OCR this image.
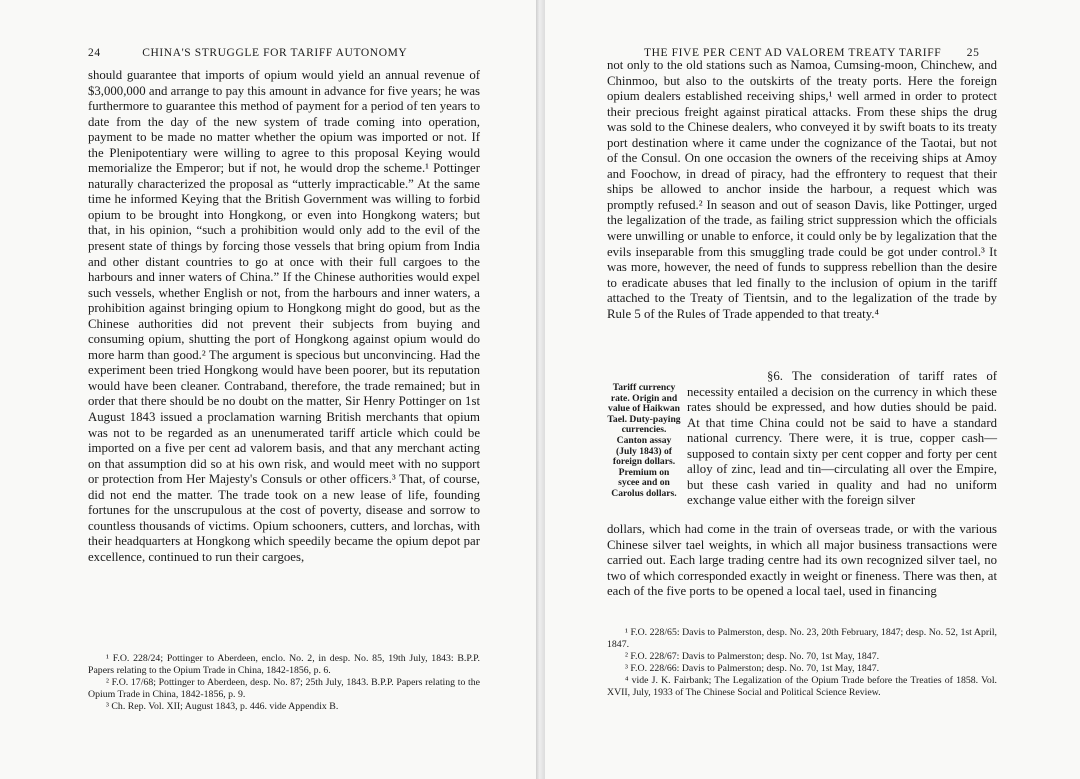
24	CHINA'S STRUGGLE FOR TARIFF AUTONOMY

should guarantee that imports of opium would yield an annual revenue of $3,000,000 and arrange to pay this amount in advance for five years; he was furthermore to guarantee this method of payment for a period of ten years to date from the day of the new system of trade coming into operation, payment to be made no matter whether the opium was imported or not. If the Plenipotentiary were willing to agree to this proposal Keying would memorialize the Emperor; but if not, he would drop the scheme.¹ Pottinger naturally characterized the proposal as “utterly impracticable.” At the same time he informed Keying that the British Government was willing to forbid opium to be brought into Hongkong, or even into Hongkong waters; but that, in his opinion, “such a prohibition would only add to the evil of the present state of things by forcing those vessels that bring opium from India and other distant countries to go at once with their full cargoes to the harbours and inner waters of China.” If the Chinese authorities would expel such vessels, whether English or not, from the harbours and inner waters, a prohibition against bringing opium to Hongkong might do good, but as the Chinese authorities did not prevent their subjects from buying and consuming opium, shutting the port of Hongkong against opium would do more harm than good.² The argument is specious but unconvincing. Had the experiment been tried Hongkong would have been poorer, but its reputation would have been cleaner. Contraband, therefore, the trade remained; but in order that there should be no doubt on the matter, Sir Henry Pottinger on 1st August 1843 issued a proclamation warning British merchants that opium was not to be regarded as an unenumerated tariff article which could be imported on a five per cent ad valorem basis, and that any merchant acting on that assumption did so at his own risk, and would meet with no support or protection from Her Majesty's Consuls or other officers.³ That, of course, did not end the matter. The trade took on a new lease of life, founding fortunes for the unscrupulous at the cost of poverty, disease and sorrow to countless thousands of victims. Opium schooners, cutters, and lorchas, with their headquarters at Hongkong which speedily became the opium depot par excellence, continued to run their cargoes,

¹ F.O. 228/24; Pottinger to Aberdeen, enclo. No. 2, in desp. No. 85, 19th July, 1843: B.P.P. Papers relating to the Opium Trade in China, 1842-1856, p. 6.

² F.O. 17/68; Pottinger to Aberdeen, desp. No. 87; 25th July, 1843. B.P.P. Papers relating to the Opium Trade in China, 1842-1856, p. 9.

³ Ch. Rep. Vol. XII; August 1843, p. 446. vide Appendix B.

THE FIVE PER CENT AD VALOREM TREATY TARIFF 25

not only to the old stations such as Namoa, Cumsing-moon, Chinchew, and Chinmoo, but also to the outskirts of the treaty ports. Here the foreign opium dealers established receiving ships,¹ well armed in order to protect their precious freight against piratical attacks. From these ships the drug was sold to the Chinese dealers, who conveyed it by swift boats to its treaty port destination where it came under the cognizance of the Taotai, but not of the Consul. On one occasion the owners of the receiving ships at Amoy and Foochow, in dread of piracy, had the effrontery to request that their ships be allowed to anchor inside the harbour, a request which was promptly refused.² In season and out of season Davis, like Pottinger, urged the legalization of the trade, as failing strict suppression which the officials were unwilling or unable to enforce, it could only be by legalization that the evils inseparable from this smuggling trade could be got under control.³ It was more, however, the need of funds to suppress rebellion than the desire to eradicate abuses that led finally to the inclusion of opium in the tariff attached to the Treaty of Tientsin, and to the legalization of the trade by Rule 5 of the Rules of Trade appended to that treaty.⁴

Tariff currency rate. Origin and value of Haikwan Tael. Duty-paying currencies. Canton assay (July 1843) of foreign dollars. Premium on sycee and on Carolus dollars.
§6. The consideration of tariff rates of necessity entailed a decision on the currency in which these rates should be expressed, and how duties should be paid. At that time China could not be said to have a standard national currency. There were, it is true, copper cash—supposed to contain sixty per cent copper and forty per cent alloy of zinc, lead and tin—circulating all over the Empire, but these cash varied in quality and had no uniform exchange value either with the foreign silver

dollars, which had come in the train of overseas trade, or with the various Chinese silver tael weights, in which all major business transactions were carried out. Each large trading centre had its own recognized silver tael, no two of which corresponded exactly in weight or fineness. There was then, at each of the five ports to be opened a local tael, used in financing

¹ F.O. 228/65: Davis to Palmerston, desp. No. 23, 20th February, 1847; desp. No. 52, 1st April, 1847.

² F.O. 228/67: Davis to Palmerston; desp. No. 70, 1st May, 1847.

³ F.O. 228/66: Davis to Palmerston; desp. No. 70, 1st May, 1847.

⁴ vide J. K. Fairbank; The Legalization of the Opium Trade before the Treaties of 1858. Vol. XVII, July, 1933 of The Chinese Social and Political Science Review.
